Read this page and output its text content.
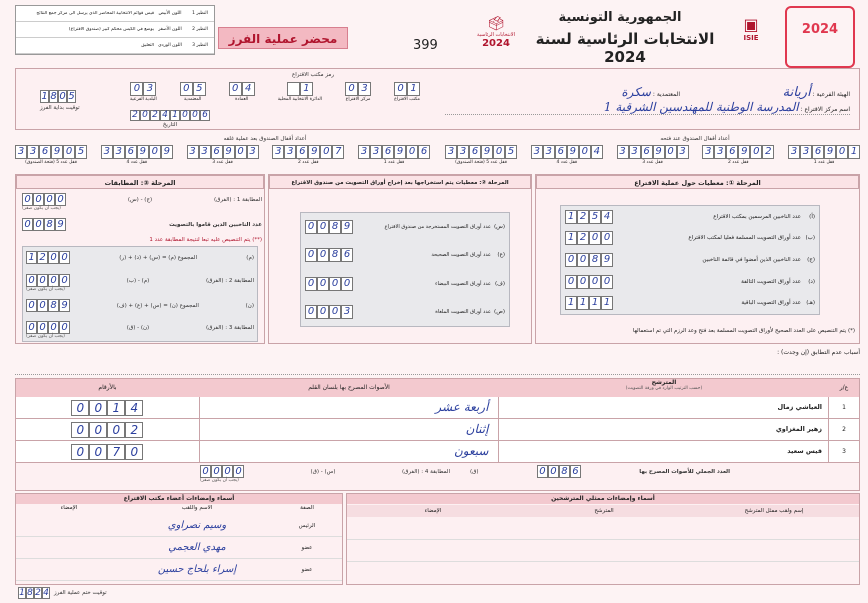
النظير 1
اللون الأبيض
قيس قوائم الانتخابية المحاضر الذي يرسل الى مركز جمع النتائج
النظير 2
اللون الأصفر
يوضع في الكيس محكم كبير (صندوق الاقتراع)
النظير 3
اللون الوردي
التعليق	محضر عملية الفرز	399
🗳
الانتخابات الرئاسية
2024
الجمهورية التونسية
الانتخابات الرئاسية لسنة 2024
▣
ISIE
2024
1 8 0 5
توقيت بداية الفرز
رمز مكتب الاقتراع
0 3
البلدية الفرعية
0 5
المعتمدية
0 4
العمادة
1
الدائرة الانتخابية المحلية
0 3
مركز الاقتراع
0 1
مكتب الاقتراع
2 0 2 4 1 0 0 6
التاريخ
الهيئة الفرعية : أريانة
المعتمدية : سكرة
اسم مركز الاقتراع : المدرسة الوطنية للمهندسين الشرقية 1
أعداد أقفال الصندوق بعد عملية غلقه
3 3 6 9 0 5
قفل عدد 5 (فتحة الصندوق)
3 3 6 9 0 9
قفل عدد 4
3 3 6 9 0 3
قفل عدد 3
3 3 6 9 0 7
قفل عدد 2
3 3 6 9 0 6
قفل عدد 1
أعداد أقفال الصندوق عند فتحه
3 3 6 9 0 5
قفل عدد 5 (فتحة الصندوق)
3 3 6 9 0 4
قفل عدد 4
3 3 6 9 0 3
قفل عدد 3
3 3 6 9 0 2
قفل عدد 2
3 3 6 9 0 1
قفل عدد 1
المرحلة ①: معطيات حول عملية الاقتراع
(أ)
عدد الناخبين المرسمين بمكتب الاقتراع
1 2 5 4
(ب)
عدد أوراق التصويت المسلمة فعليا لمكتب الاقتراع
1 2 0 0
(ج)
عدد الناخبين الذين أمضوا في قائمة الناخبين
0 0 8 9
(د)
عدد أوراق التصويت التالفة
0 0 0 0
(هـ)
عدد أوراق التصويت الباقية
1 1 1 1
(*) يتم التنصيص على العدد الصحيح لأوراق التصويت المسلمة بعد فتح وعد الرزم التي تم استعمالها
المرحلة ②: معطيات يتم استخراجها بعد إخراج أوراق التصويت من صندوق الاقتراع
(س)
عدد أوراق التصويت المستخرجة من صندوق الاقتراع
0 0 8 9
(ع)
عدد أوراق التصويت الصحيحة
0 0 8 6
(ف)
عدد أوراق التصويت البيضاء
0 0 0 0
(ص)
عدد أوراق التصويت الملغاة
0 0 0 3
المرحلة ③: المطابقات
المطابقة 1 : (الفرق)
(ج) - (س)
0 0 0 0
(يجب أن يكون صفر)
عدد الناخبين الذين قاموا بالتصويت
0 0 8 9
(**) يتم التنصيص عليه تبعا لنتيجة المطابقة عدد 1
(م)
المجموع (م) = (س) + (د) + (ر)
1 2 0 0
المطابقة 2 : (الفرق)
(م) - (ب)
0 0 0 0
(يجب أن يكون صفر)
(ن)
المجموع (ن) = (س) + (ع) + (ف)
0 0 8 9
المطابقة 3 : (الفرق)
(ن) - (ق)
0 0 0 0
(يجب أن يكون صفر)
أسباب عدم التطابق (إن وجدت) :
ع/ر
المترشح
(حسب الترتيب الوارد في ورقة التصويت)
الأصوات المصرح بها بلسان القلم
بالأرقام
1
العياشي زمال
أربعة عشر
0 0 1 4
2
زهير المغزاوي
إثنان
0 0 0 2
3
قيس سعيد
سبعون
0 0 7 0
العدد الجملي للأصوات المصرح بها
0 0 8 6
(ق)
المطابقة 4 : (الفرق)
(س) - (ق)
0 0 0 0
(يجب أن يكون صفر)
أسماء وإمضاءات أعضاء مكتب الاقتراع
الصفة
الاسم واللقب
الإمضاء
الرئيس
وسيم نصراوي
عضو
مهدي العجمي
عضو
إسراء بلحاج حسين
أسماء وإمضاءات ممثلي المترشحين
إسم ولقب ممثل المترشح
المترشح
الإمضاء
1 8 2 4 توقيت ختم عملية الفرز
